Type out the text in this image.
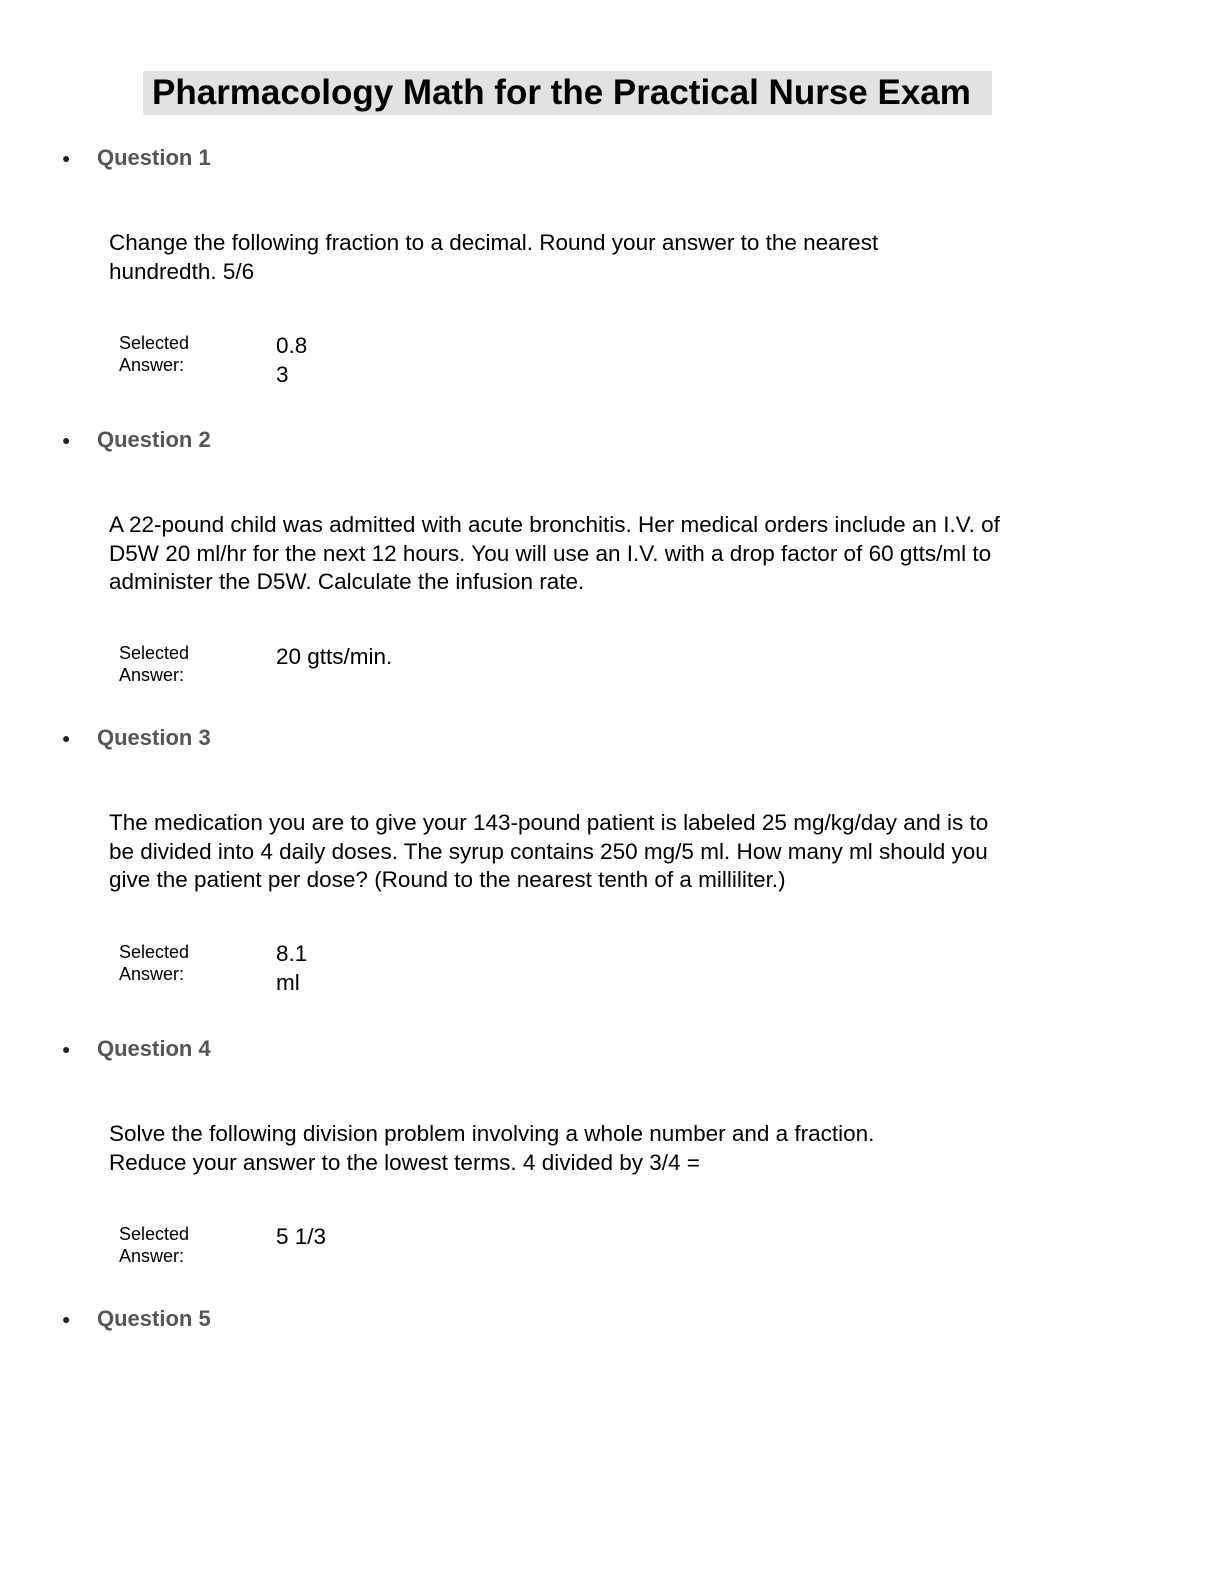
Pharmacology Math for the Practical Nurse Exam
● Question 1

Change the following fraction to a decimal. Round your answer to the nearest hundredth. 5/6

Selected Answer:
0.83
● Question 2

A 22-pound child was admitted with acute bronchitis. Her medical orders include an I.V. of D5W 20 ml/hr for the next 12 hours. You will use an I.V. with a drop factor of 60 gtts/ml to administer the D5W. Calculate the infusion rate.

Selected Answer:
20 gtts/min.
● Question 3

The medication you are to give your 143-pound patient is labeled 25 mg/kg/day and is to be divided into 4 daily doses. The syrup contains 250 mg/5 ml. How many ml should you give the patient per dose? (Round to the nearest tenth of a milliliter.)

Selected Answer:
8.1 ml
● Question 4

Solve the following division problem involving a whole number and a fraction. Reduce your answer to the lowest terms. 4 divided by 3/4 =

Selected Answer:
5 1/3
● Question 5
